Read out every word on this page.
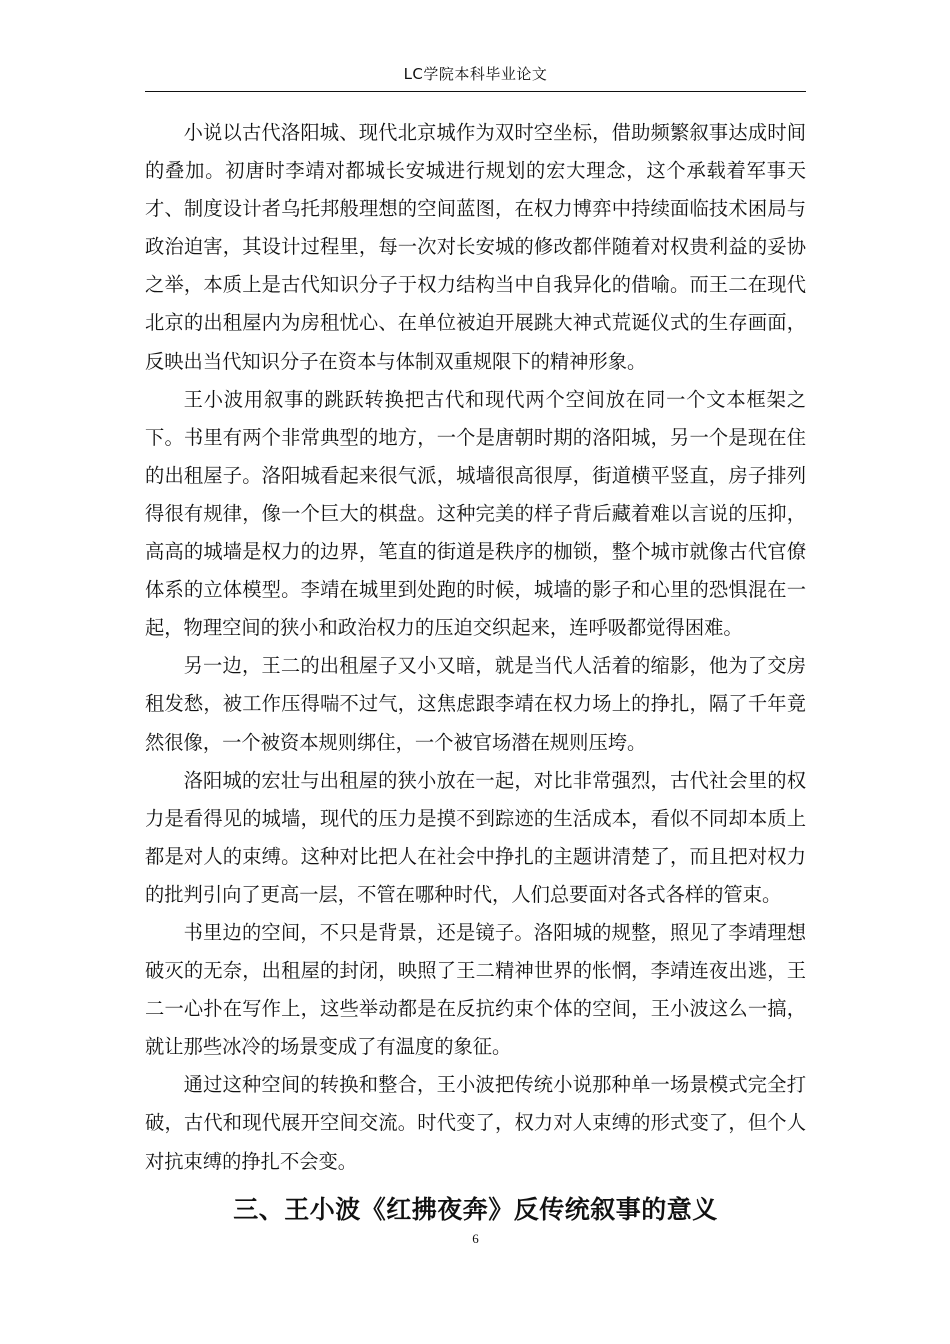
LC学院本科毕业论文

小说以古代洛阳城、现代北京城作为双时空坐标，借助频繁叙事达成时间的叠加。初唐时李靖对都城长安城进行规划的宏大理念，这个承载着军事天才、制度设计者乌托邦般理想的空间蓝图，在权力博弈中持续面临技术困局与政治迫害，其设计过程里，每一次对长安城的修改都伴随着对权贵利益的妥协之举，本质上是古代知识分子于权力结构当中自我异化的借喻。而王二在现代北京的出租屋内为房租忧心、在单位被迫开展跳大神式荒诞仪式的生存画面，反映出当代知识分子在资本与体制双重规限下的精神形象。

王小波用叙事的跳跃转换把古代和现代两个空间放在同一个文本框架之下。书里有两个非常典型的地方，一个是唐朝时期的洛阳城，另一个是现在住的出租屋子。洛阳城看起来很气派，城墙很高很厚，街道横平竖直，房子排列得很有规律，像一个巨大的棋盘。这种完美的样子背后藏着难以言说的压抑，高高的城墙是权力的边界，笔直的街道是秩序的枷锁，整个城市就像古代官僚体系的立体模型。李靖在城里到处跑的时候，城墙的影子和心里的恐惧混在一起，物理空间的狭小和政治权力的压迫交织起来，连呼吸都觉得困难。

另一边，王二的出租屋子又小又暗，就是当代人活着的缩影，他为了交房租发愁，被工作压得喘不过气，这焦虑跟李靖在权力场上的挣扎，隔了千年竟然很像，一个被资本规则绑住，一个被官场潜在规则压垮。

洛阳城的宏壮与出租屋的狭小放在一起，对比非常强烈，古代社会里的权力是看得见的城墙，现代的压力是摸不到踪迹的生活成本，看似不同却本质上都是对人的束缚。这种对比把人在社会中挣扎的主题讲清楚了，而且把对权力的批判引向了更高一层，不管在哪种时代，人们总要面对各式各样的管束。

书里边的空间，不只是背景，还是镜子。洛阳城的规整，照见了李靖理想破灭的无奈，出租屋的封闭，映照了王二精神世界的怅惘，李靖连夜出逃，王二一心扑在写作上，这些举动都是在反抗约束个体的空间，王小波这么一搞，就让那些冰冷的场景变成了有温度的象征。

通过这种空间的转换和整合，王小波把传统小说那种单一场景模式完全打破，古代和现代展开空间交流。时代变了，权力对人束缚的形式变了，但个人对抗束缚的挣扎不会变。

三、王小波《红拂夜奔》反传统叙事的意义
6
